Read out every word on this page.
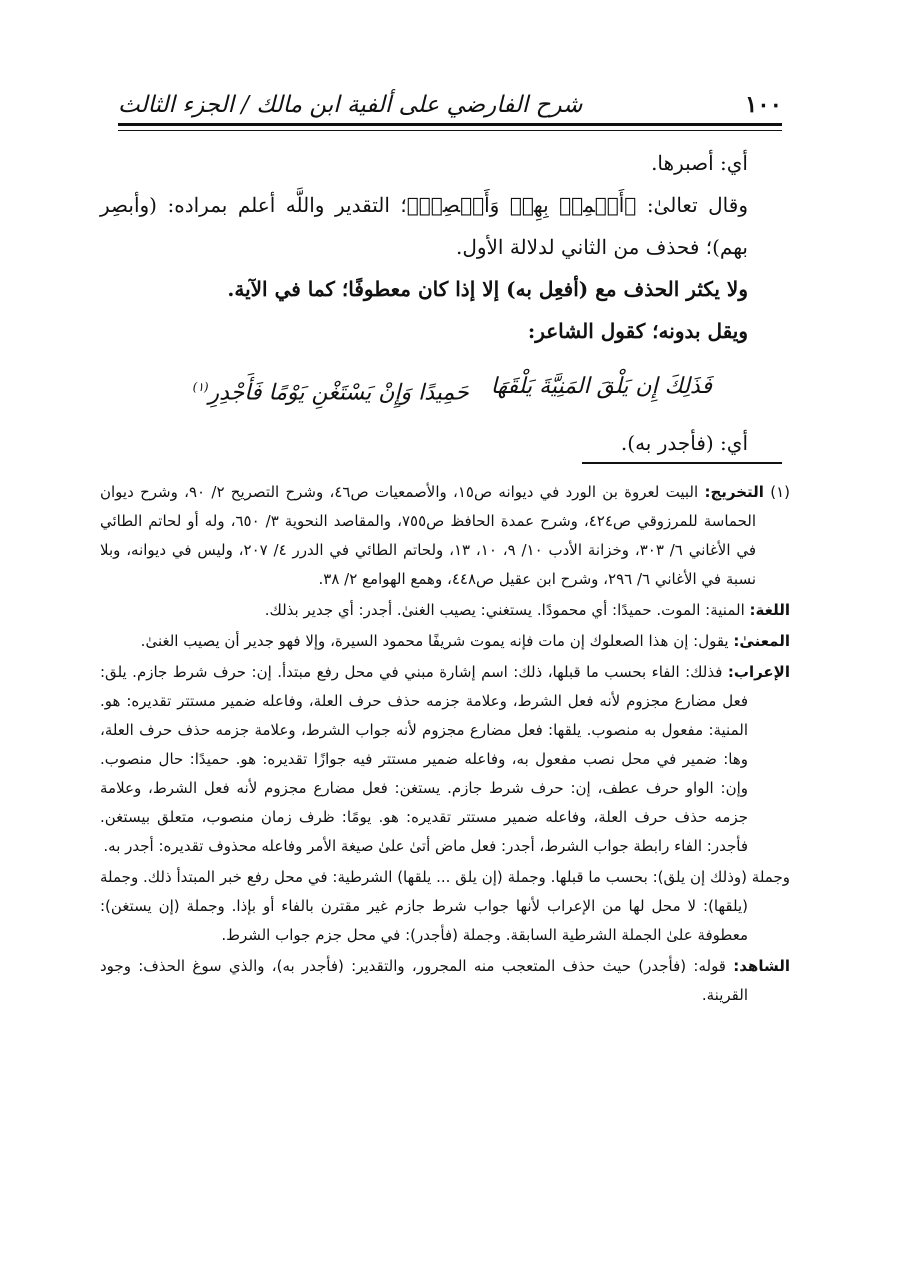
١٠٠
شرح الفارضي على ألفية ابن مالك / الجزء الثالث

أي: أصبرها.

وقال تعالىٰ: ﴿أَسۡمِعۡ بِهِمۡ وَأَبۡصِرۡ﴾؛ التقدير واللَّه أعلم بمراده: (وأبصِر بهم)؛ فحذف من الثاني لدلالة الأول.

ولا يكثر الحذف مع (أفعِل به) إلا إذا كان معطوفًا؛ كما في الآية.

ويقل بدونه؛ كقول الشاعر:

فَذَلِكَ إِن يَلْقَ المَنِيَّةَ يَلْقَهَا
حَمِيدًا وَإِنْ يَسْتَغْنِ يَوْمًا فَأَجْدِرِ$^{(١)}$

أي: (فأجدر به).

(١) التخريج: البيت لعروة بن الورد في ديوانه ص١٥، والأصمعيات ص٤٦، وشرح التصريح ٢/ ٩٠، وشرح ديوان الحماسة للمرزوقي ص٤٢٤، وشرح عمدة الحافظ ص٧٥٥، والمقاصد النحوية ٣/ ٦٥٠، وله أو لحاتم الطائي في الأغاني ٦/ ٣٠٣، وخزانة الأدب ١٠/ ٩، ١٠، ١٣، ولحاتم الطائي في الدرر ٤/ ٢٠٧، وليس في ديوانه، وبلا نسبة في الأغاني ٦/ ٢٩٦، وشرح ابن عقيل ص٤٤٨، وهمع الهوامع ٢/ ٣٨.

اللغة: المنية: الموت. حميدًا: أي محمودًا. يستغني: يصيب الغنىٰ. أجدر: أي جدير بذلك.

المعنىٰ: يقول: إن هذا الصعلوك إن مات فإنه يموت شريفًا محمود السيرة، وإلا فهو جدير أن يصيب الغنىٰ.

الإعراب: فذلك: الفاء بحسب ما قبلها، ذلك: اسم إشارة مبني في محل رفع مبتدأ. إن: حرف شرط جازم. يلق: فعل مضارع مجزوم لأنه فعل الشرط، وعلامة جزمه حذف حرف العلة، وفاعله ضمير مستتر تقديره: هو. المنية: مفعول به منصوب. يلقها: فعل مضارع مجزوم لأنه جواب الشرط، وعلامة جزمه حذف حرف العلة، وها: ضمير في محل نصب مفعول به، وفاعله ضمير مستتر فيه جوازًا تقديره: هو. حميدًا: حال منصوب. وإن: الواو حرف عطف، إن: حرف شرط جازم. يستغن: فعل مضارع مجزوم لأنه فعل الشرط، وعلامة جزمه حذف حرف العلة، وفاعله ضمير مستتر تقديره: هو. يومًا: ظرف زمان منصوب، متعلق بيستغن. فأجدر: الفاء رابطة جواب الشرط، أجدر: فعل ماض أتىٰ علىٰ صيغة الأمر وفاعله محذوف تقديره: أجدر به.

وجملة (وذلك إن يلق): بحسب ما قبلها. وجملة (إن يلق ... يلقها) الشرطية: في محل رفع خبر المبتدأ ذلك. وجملة (يلقها): لا محل لها من الإعراب لأنها جواب شرط جازم غير مقترن بالفاء أو بإذا. وجملة (إن يستغن): معطوفة علىٰ الجملة الشرطية السابقة. وجملة (فأجدر): في محل جزم جواب الشرط.

الشاهد: قوله: (فأجدر) حيث حذف المتعجب منه المجرور، والتقدير: (فأجدر به)، والذي سوغ الحذف: وجود القرينة.
